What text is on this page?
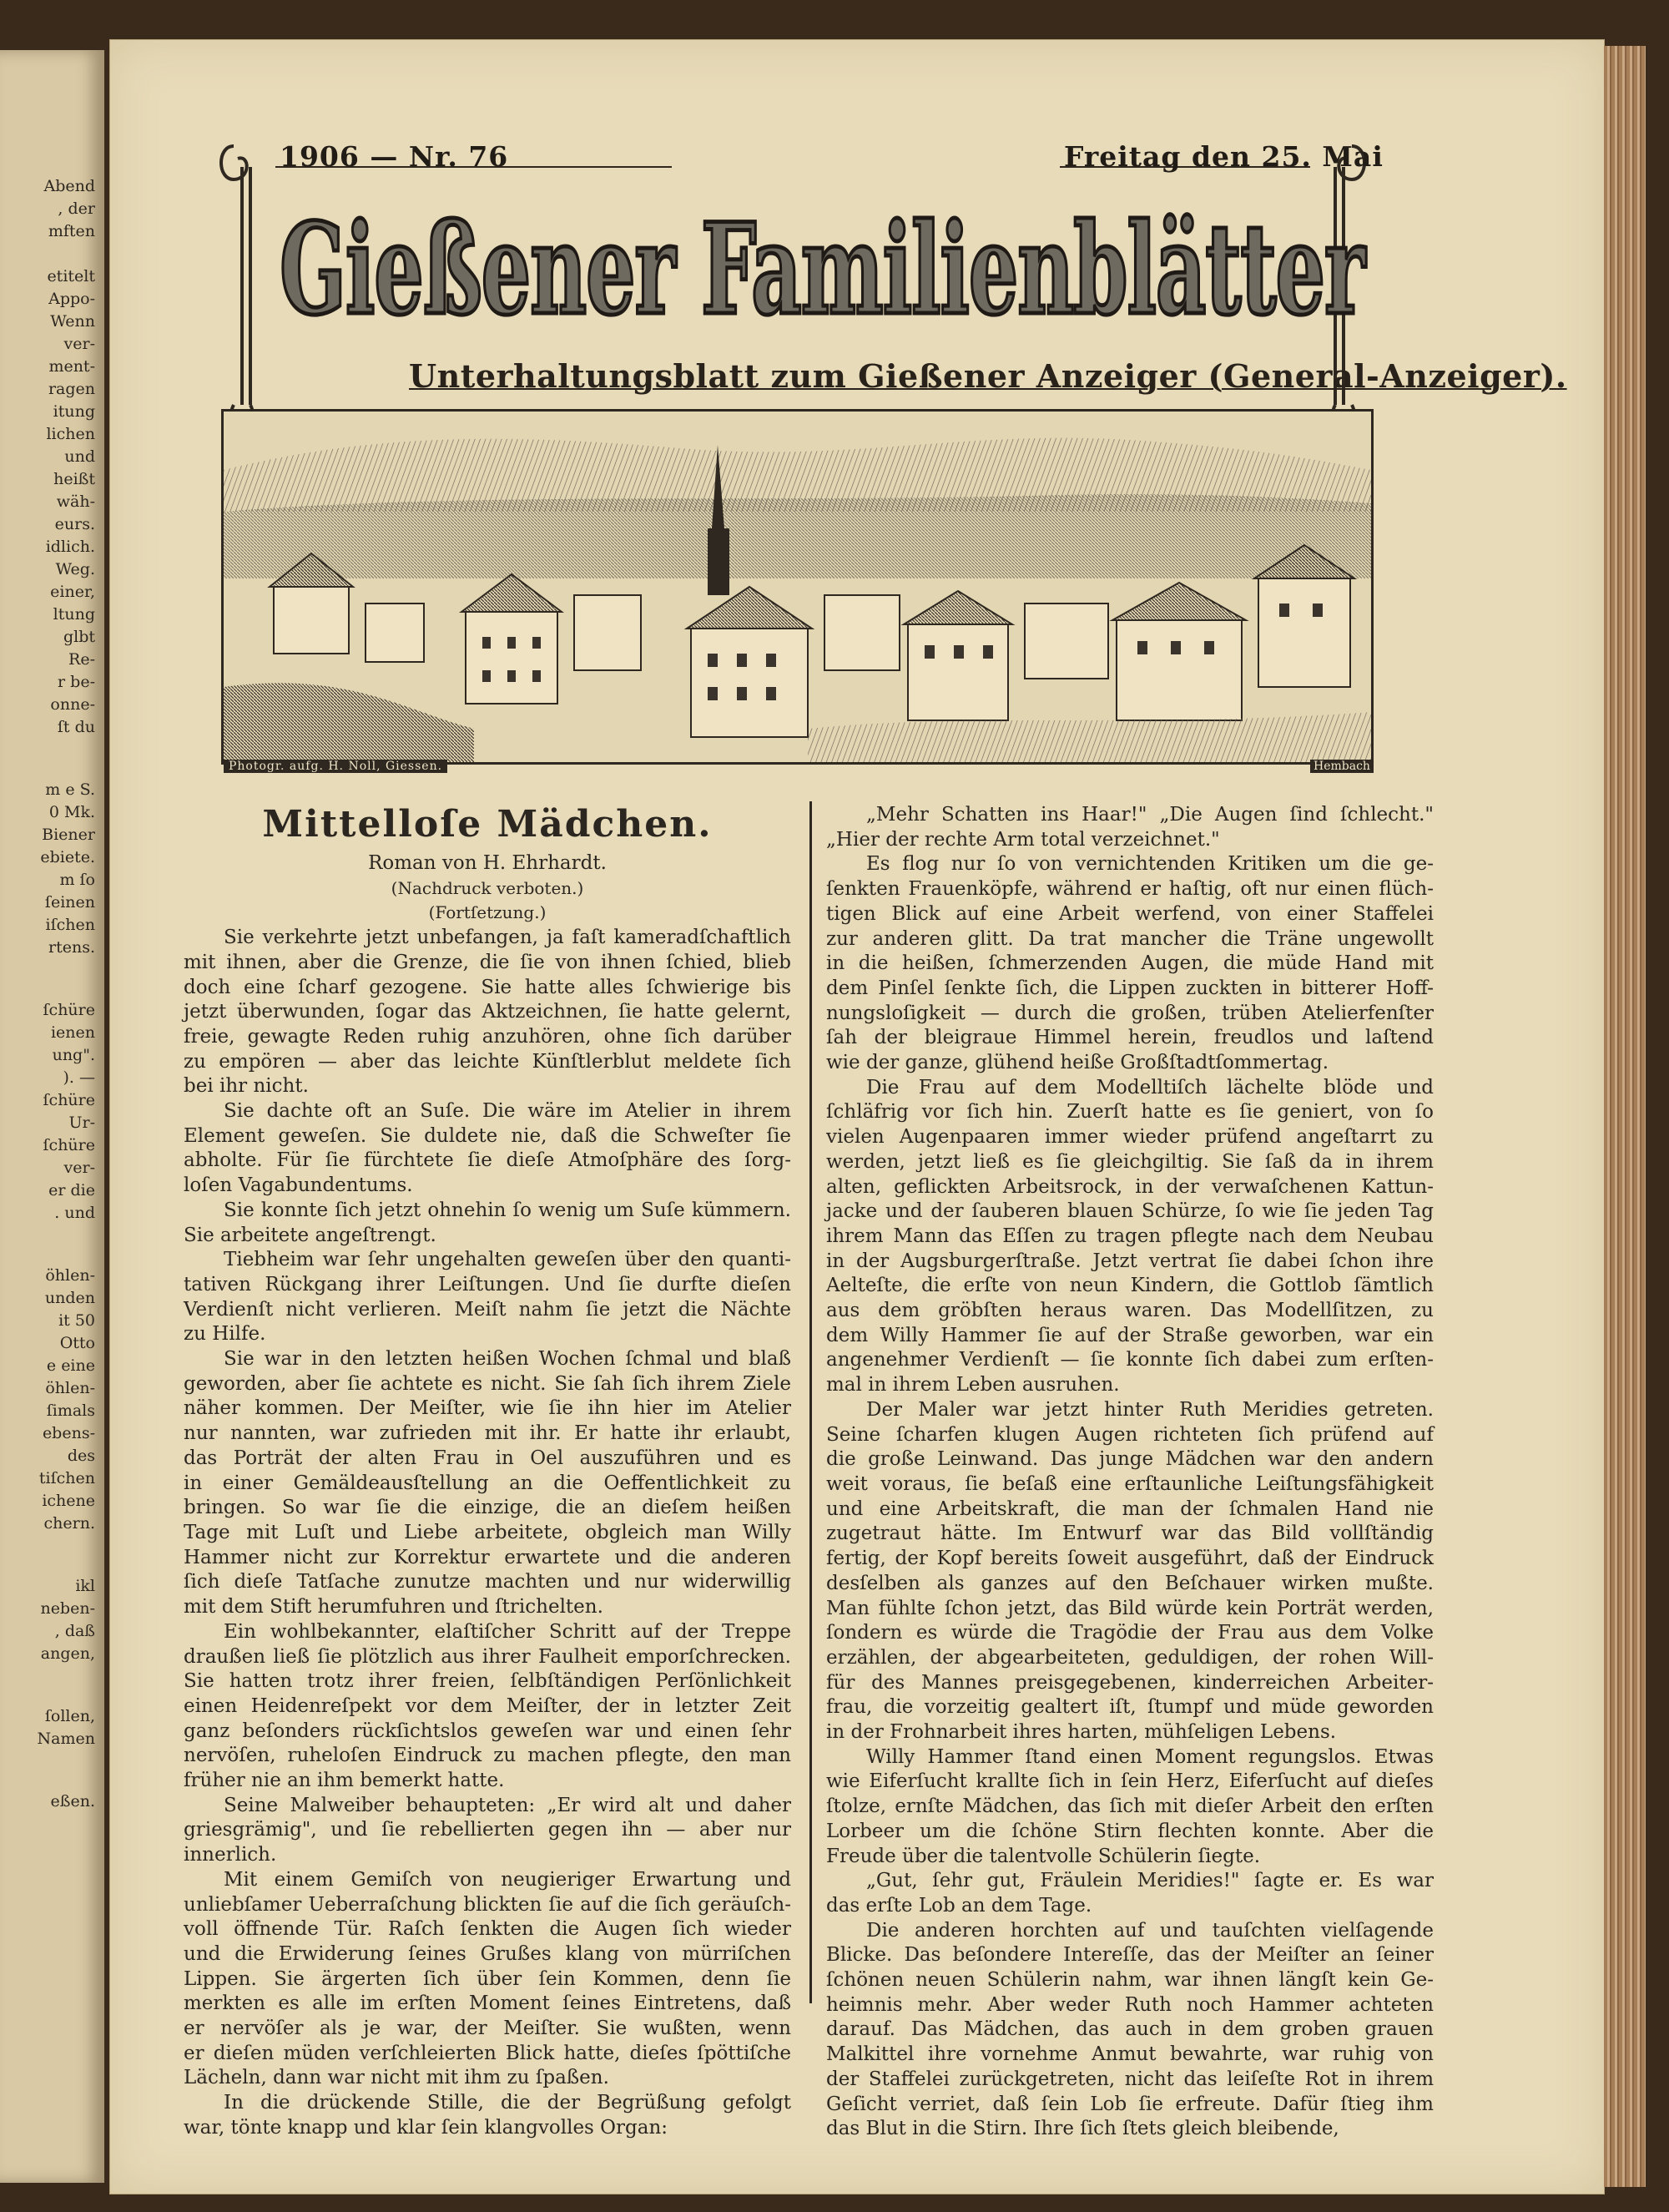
Abend
, der
mften

etitelt
Appo-
Wenn
ver-
ment-
ragen
itung
lichen
und
heißt
wäh-
eurs.
idlich.
Weg.
einer,
ltung
glbt
Re-
r be-
onne-
ſt du
m e S.
0 Mk.
Biener
ebiete.
m ſo
ſeinen
iſchen
rtens.
ſchüre
ienen
ung".
). —
ſchüre
Ur-
ſchüre
ver-
er die
. und
öhlen-
unden
it 50
Otto
e eine
öhlen-
ſimals
ebens-
des
tiſchen
ichene
chern.
ikl
neben-
, daß
angen,
ſollen,
Namen
eßen.
1906 — Nr. 76	Freitag den 25. Mai
Gießener Familienblätter
Unterhaltungsblatt zum Gießener Anzeiger (General-Anzeiger).
Photogr. aufg. H. Noll, Giessen.	Hembach
Mittelloſe Mädchen.
Roman von H. Ehrhardt.
(Nachdruck verboten.)
(Fortſetzung.)
Sie verkehrte jetzt unbefangen, ja faſt kameradſchaftlich
mit ihnen, aber die Grenze, die ſie von ihnen ſchied, blieb
doch eine ſcharf gezogene. Sie hatte alles ſchwierige bis
jetzt überwunden, ſogar das Aktzeichnen, ſie hatte gelernt,
freie, gewagte Reden ruhig anzuhören, ohne ſich darüber
zu empören — aber das leichte Künſtlerblut meldete ſich
bei ihr nicht.
Sie dachte oft an Suſe. Die wäre im Atelier in ihrem
Element geweſen. Sie duldete nie, daß die Schweſter ſie
abholte. Für ſie fürchtete ſie dieſe Atmoſphäre des ſorg-
loſen Vagabundentums.
Sie konnte ſich jetzt ohnehin ſo wenig um Suſe kümmern.
Sie arbeitete angeſtrengt.
Tiebheim war ſehr ungehalten geweſen über den quanti-
tativen Rückgang ihrer Leiſtungen. Und ſie durfte dieſen
Verdienſt nicht verlieren. Meiſt nahm ſie jetzt die Nächte
zu Hilfe.
Sie war in den letzten heißen Wochen ſchmal und blaß
geworden, aber ſie achtete es nicht. Sie ſah ſich ihrem Ziele
näher kommen. Der Meiſter, wie ſie ihn hier im Atelier
nur nannten, war zufrieden mit ihr. Er hatte ihr erlaubt,
das Porträt der alten Frau in Oel auszuführen und es
in einer Gemäldeausſtellung an die Oeffentlichkeit zu
bringen. So war ſie die einzige, die an dieſem heißen
Tage mit Luſt und Liebe arbeitete, obgleich man Willy
Hammer nicht zur Korrektur erwartete und die anderen
ſich dieſe Tatſache zunutze machten und nur widerwillig
mit dem Stift herumfuhren und ſtrichelten.
Ein wohlbekannter, elaſtiſcher Schritt auf der Treppe
draußen ließ ſie plötzlich aus ihrer Faulheit emporſchrecken.
Sie hatten trotz ihrer freien, ſelbſtändigen Perſönlichkeit
einen Heidenreſpekt vor dem Meiſter, der in letzter Zeit
ganz beſonders rückſichtslos geweſen war und einen ſehr
nervöſen, ruheloſen Eindruck zu machen pflegte, den man
früher nie an ihm bemerkt hatte.
Seine Malweiber behaupteten: „Er wird alt und daher
griesgrämig", und ſie rebellierten gegen ihn — aber nur
innerlich.
Mit einem Gemiſch von neugieriger Erwartung und
unliebſamer Ueberraſchung blickten ſie auf die ſich geräuſch-
voll öffnende Tür. Raſch ſenkten die Augen ſich wieder
und die Erwiderung ſeines Grußes klang von mürriſchen
Lippen. Sie ärgerten ſich über ſein Kommen, denn ſie
merkten es alle im erſten Moment ſeines Eintretens, daß
er nervöſer als je war, der Meiſter. Sie wußten, wenn
er dieſen müden verſchleierten Blick hatte, dieſes ſpöttiſche
Lächeln, dann war nicht mit ihm zu ſpaßen.
In die drückende Stille, die der Begrüßung gefolgt
war, tönte knapp und klar ſein klangvolles Organ:
„Mehr Schatten ins Haar!" „Die Augen ſind ſchlecht."
„Hier der rechte Arm total verzeichnet."
Es flog nur ſo von vernichtenden Kritiken um die ge-
ſenkten Frauenköpfe, während er haſtig, oft nur einen flüch-
tigen Blick auf eine Arbeit werfend, von einer Staffelei
zur anderen glitt. Da trat mancher die Träne ungewollt
in die heißen, ſchmerzenden Augen, die müde Hand mit
dem Pinſel ſenkte ſich, die Lippen zuckten in bitterer Hoff-
nungsloſigkeit — durch die großen, trüben Atelierfenſter
ſah der bleigraue Himmel herein, freudlos und laſtend
wie der ganze, glühend heiße Großſtadtſommertag.
Die Frau auf dem Modelltiſch lächelte blöde und
ſchläfrig vor ſich hin. Zuerſt hatte es ſie geniert, von ſo
vielen Augenpaaren immer wieder prüfend angeſtarrt zu
werden, jetzt ließ es ſie gleichgiltig. Sie ſaß da in ihrem
alten, geflickten Arbeitsrock, in der verwaſchenen Kattun-
jacke und der ſauberen blauen Schürze, ſo wie ſie jeden Tag
ihrem Mann das Eſſen zu tragen pflegte nach dem Neubau
in der Augsburgerſtraße. Jetzt vertrat ſie dabei ſchon ihre
Aelteſte, die erſte von neun Kindern, die Gottlob ſämtlich
aus dem gröbſten heraus waren. Das Modellſitzen, zu
dem Willy Hammer ſie auf der Straße geworben, war ein
angenehmer Verdienſt — ſie konnte ſich dabei zum erſten-
mal in ihrem Leben ausruhen.
Der Maler war jetzt hinter Ruth Meridies getreten.
Seine ſcharfen klugen Augen richteten ſich prüfend auf
die große Leinwand. Das junge Mädchen war den andern
weit voraus, ſie beſaß eine erſtaunliche Leiſtungsfähigkeit
und eine Arbeitskraft, die man der ſchmalen Hand nie
zugetraut hätte. Im Entwurf war das Bild vollſtändig
fertig, der Kopf bereits ſoweit ausgeführt, daß der Eindruck
desſelben als ganzes auf den Beſchauer wirken mußte.
Man fühlte ſchon jetzt, das Bild würde kein Porträt werden,
ſondern es würde die Tragödie der Frau aus dem Volke
erzählen, der abgearbeiteten, geduldigen, der rohen Will-
für des Mannes preisgegebenen, kinderreichen Arbeiter-
frau, die vorzeitig gealtert iſt, ſtumpf und müde geworden
in der Frohnarbeit ihres harten, mühſeligen Lebens.
Willy Hammer ſtand einen Moment regungslos. Etwas
wie Eiferſucht krallte ſich in ſein Herz, Eiferſucht auf dieſes
ſtolze, ernſte Mädchen, das ſich mit dieſer Arbeit den erſten
Lorbeer um die ſchöne Stirn flechten konnte. Aber die
Freude über die talentvolle Schülerin ſiegte.
„Gut, ſehr gut, Fräulein Meridies!" ſagte er. Es war
das erſte Lob an dem Tage.
Die anderen horchten auf und tauſchten vielſagende
Blicke. Das beſondere Intereſſe, das der Meiſter an ſeiner
ſchönen neuen Schülerin nahm, war ihnen längſt kein Ge-
heimnis mehr. Aber weder Ruth noch Hammer achteten
darauf. Das Mädchen, das auch in dem groben grauen
Malkittel ihre vornehme Anmut bewahrte, war ruhig von
der Staffelei zurückgetreten, nicht das leiſeſte Rot in ihrem
Geſicht verriet, daß ſein Lob ſie erfreute. Dafür ſtieg ihm
das Blut in die Stirn. Ihre ſich ſtets gleich bleibende,
